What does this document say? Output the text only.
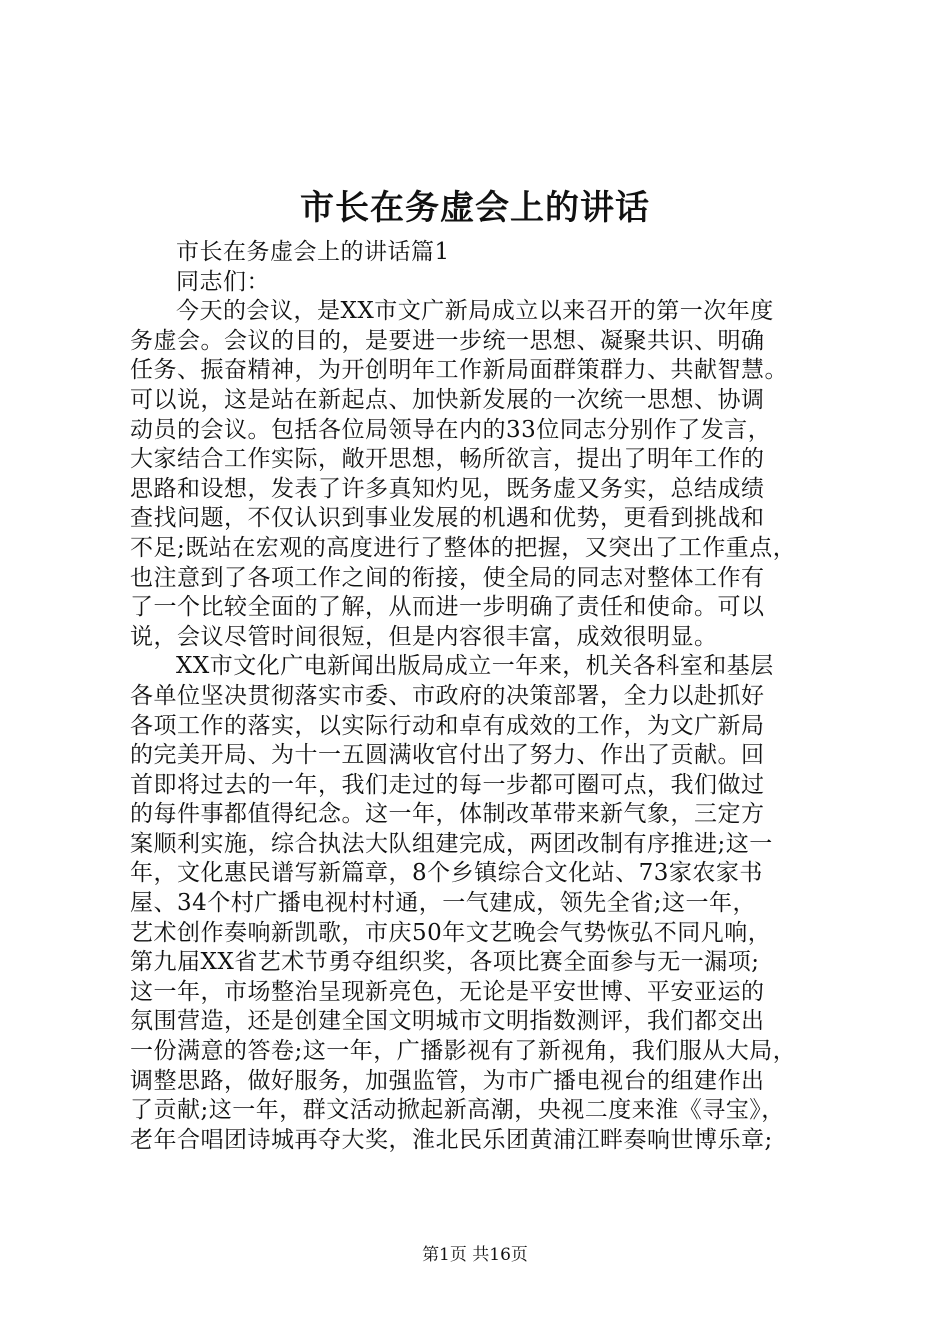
市长在务虚会上的讲话
市长在务虚会上的讲话篇1
同志们：
今天的会议，是XX市文广新局成立以来召开的第一次年度
务虚会。会议的目的，是要进一步统一思想、凝聚共识、明确
任务、振奋精神，为开创明年工作新局面群策群力、共献智慧。
可以说，这是站在新起点、加快新发展的一次统一思想、协调
动员的会议。包括各位局领导在内的33位同志分别作了发言，
大家结合工作实际，敞开思想，畅所欲言，提出了明年工作的
思路和设想，发表了许多真知灼见，既务虚又务实，总结成绩
查找问题，不仅认识到事业发展的机遇和优势，更看到挑战和
不足;既站在宏观的高度进行了整体的把握，又突出了工作重点，
也注意到了各项工作之间的衔接，使全局的同志对整体工作有
了一个比较全面的了解，从而进一步明确了责任和使命。可以
说，会议尽管时间很短，但是内容很丰富，成效很明显。
XX市文化广电新闻出版局成立一年来，机关各科室和基层
各单位坚决贯彻落实市委、市政府的决策部署，全力以赴抓好
各项工作的落实，以实际行动和卓有成效的工作，为文广新局
的完美开局、为十一五圆满收官付出了努力、作出了贡献。回
首即将过去的一年，我们走过的每一步都可圈可点，我们做过
的每件事都值得纪念。这一年，体制改革带来新气象，三定方
案顺利实施，综合执法大队组建完成，两团改制有序推进;这一
年，文化惠民谱写新篇章，8个乡镇综合文化站、73家农家书
屋、34个村广播电视村村通，一气建成，领先全省;这一年，
艺术创作奏响新凯歌，市庆50年文艺晚会气势恢弘不同凡响，
第九届XX省艺术节勇夺组织奖，各项比赛全面参与无一漏项;
这一年，市场整治呈现新亮色，无论是平安世博、平安亚运的
氛围营造，还是创建全国文明城市文明指数测评，我们都交出
一份满意的答卷;这一年，广播影视有了新视角，我们服从大局，
调整思路，做好服务，加强监管，为市广播电视台的组建作出
了贡献;这一年，群文活动掀起新高潮，央视二度来淮《寻宝》，
老年合唱团诗城再夺大奖，淮北民乐团黄浦江畔奏响世博乐章;
第1页 共16页
